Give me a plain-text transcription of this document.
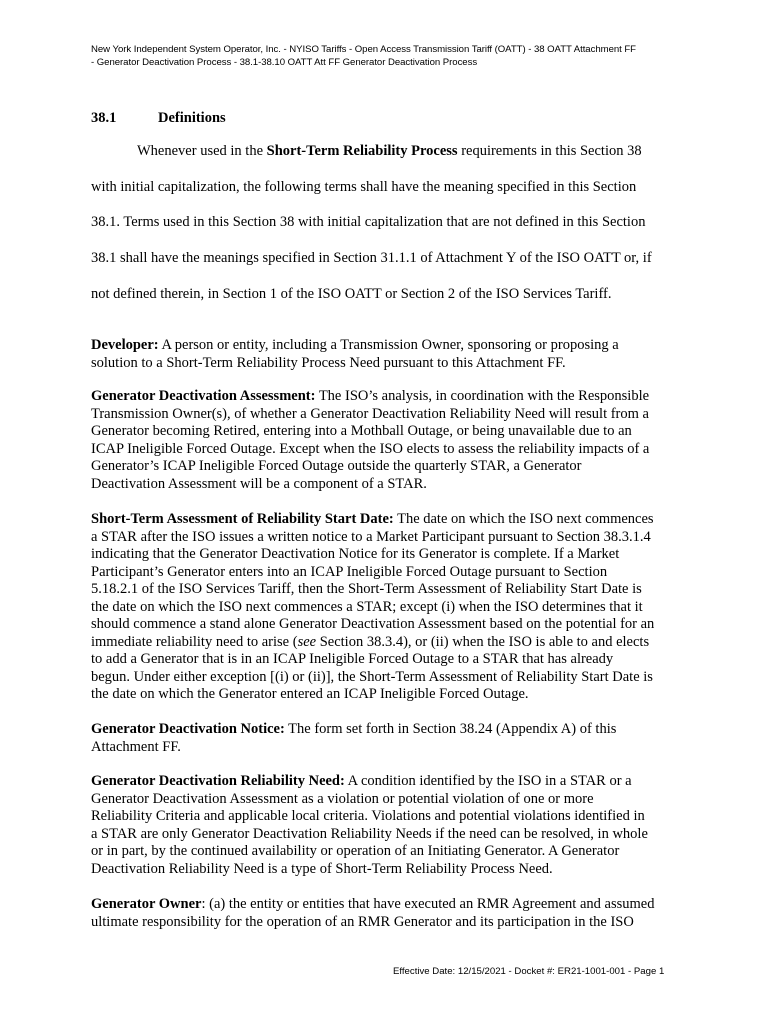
New York Independent System Operator, Inc. - NYISO Tariffs - Open Access Transmission Tariff (OATT) - 38 OATT Attachment FF
- Generator Deactivation Process - 38.1-38.10 OATT Att FF Generator Deactivation Process
38.1	Definitions
Whenever used in the Short-Term Reliability Process requirements in this Section 38
with initial capitalization, the following terms shall have the meaning specified in this Section
38.1. Terms used in this Section 38 with initial capitalization that are not defined in this Section
38.1 shall have the meanings specified in Section 31.1.1 of Attachment Y of the ISO OATT or, if
not defined therein, in Section 1 of the ISO OATT or Section 2 of the ISO Services Tariff.
Developer: A person or entity, including a Transmission Owner, sponsoring or proposing a
solution to a Short-Term Reliability Process Need pursuant to this Attachment FF.
Generator Deactivation Assessment: The ISO’s analysis, in coordination with the Responsible
Transmission Owner(s), of whether a Generator Deactivation Reliability Need will result from a
Generator becoming Retired, entering into a Mothball Outage, or being unavailable due to an
ICAP Ineligible Forced Outage. Except when the ISO elects to assess the reliability impacts of a
Generator’s ICAP Ineligible Forced Outage outside the quarterly STAR, a Generator
Deactivation Assessment will be a component of a STAR.
Short-Term Assessment of Reliability Start Date: The date on which the ISO next commences
a STAR after the ISO issues a written notice to a Market Participant pursuant to Section 38.3.1.4
indicating that the Generator Deactivation Notice for its Generator is complete. If a Market
Participant’s Generator enters into an ICAP Ineligible Forced Outage pursuant to Section
5.18.2.1 of the ISO Services Tariff, then the Short-Term Assessment of Reliability Start Date is
the date on which the ISO next commences a STAR; except (i) when the ISO determines that it
should commence a stand alone Generator Deactivation Assessment based on the potential for an
immediate reliability need to arise (see Section 38.3.4), or (ii) when the ISO is able to and elects
to add a Generator that is in an ICAP Ineligible Forced Outage to a STAR that has already
begun. Under either exception [(i) or (ii)], the Short-Term Assessment of Reliability Start Date is
the date on which the Generator entered an ICAP Ineligible Forced Outage.
Generator Deactivation Notice: The form set forth in Section 38.24 (Appendix A) of this
Attachment FF.
Generator Deactivation Reliability Need: A condition identified by the ISO in a STAR or a
Generator Deactivation Assessment as a violation or potential violation of one or more
Reliability Criteria and applicable local criteria. Violations and potential violations identified in
a STAR are only Generator Deactivation Reliability Needs if the need can be resolved, in whole
or in part, by the continued availability or operation of an Initiating Generator. A Generator
Deactivation Reliability Need is a type of Short-Term Reliability Process Need.
Generator Owner: (a) the entity or entities that have executed an RMR Agreement and assumed
ultimate responsibility for the operation of an RMR Generator and its participation in the ISO
Effective Date: 12/15/2021 - Docket #: ER21-1001-001 - Page 1
